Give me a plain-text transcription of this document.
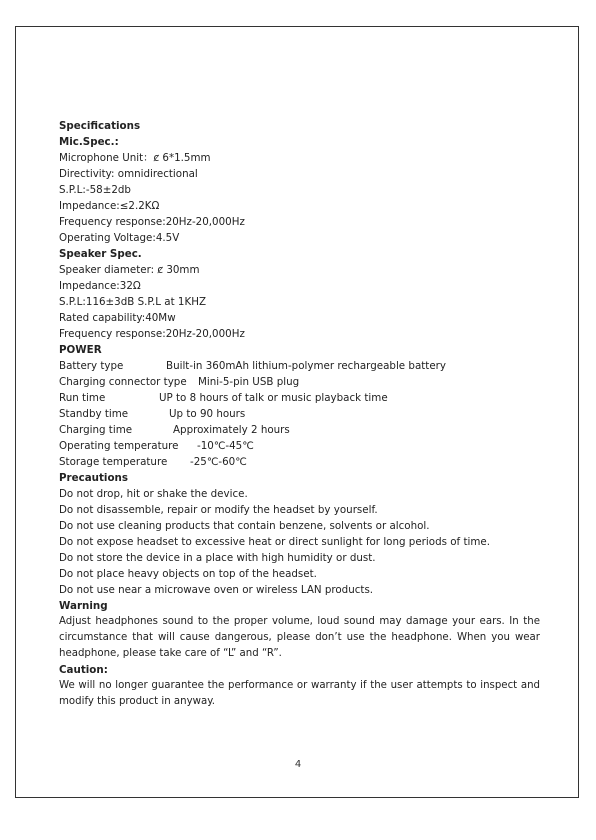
Specifications
Mic.Spec.:
Microphone Unit：ȼ 6*1.5mm
Directivity: omnidirectional
S.P.L:-58±2db
Impedance:≤2.2KΩ
Frequency response:20Hz-20,000Hz
Operating Voltage:4.5V
Speaker Spec.
Speaker diameter: ȼ 30mm
Impedance:32Ω
S.P.L:116±3dB S.P.L at 1KHZ
Rated capability:40Mw
Frequency response:20Hz-20,000Hz
POWER
Battery type	Built-in 360mAh lithium-polymer rechargeable battery
Charging connector type Mini-5-pin USB plug
Run time	UP to 8 hours of talk or music playback time
Standby time	Up to 90 hours
Charging time	Approximately 2 hours
Operating temperature -10℃-45℃
Storage temperature -25℃-60℃
Precautions
Do not drop, hit or shake the device.
Do not disassemble, repair or modify the headset by yourself.
Do not use cleaning products that contain benzene, solvents or alcohol.
Do not expose headset to excessive heat or direct sunlight for long periods of time.
Do not store the device in a place with high humidity or dust.
Do not place heavy objects on top of the headset.
Do not use near a microwave oven or wireless LAN products.
Warning
Adjust headphones sound to the proper volume, loud sound may damage your ears. In the circumstance that will cause dangerous, please don’t use the headphone. When you wear headphone, please take care of “L” and “R”.
Caution:
We will no longer guarantee the performance or warranty if the user attempts to inspect and modify this product in anyway.
4
